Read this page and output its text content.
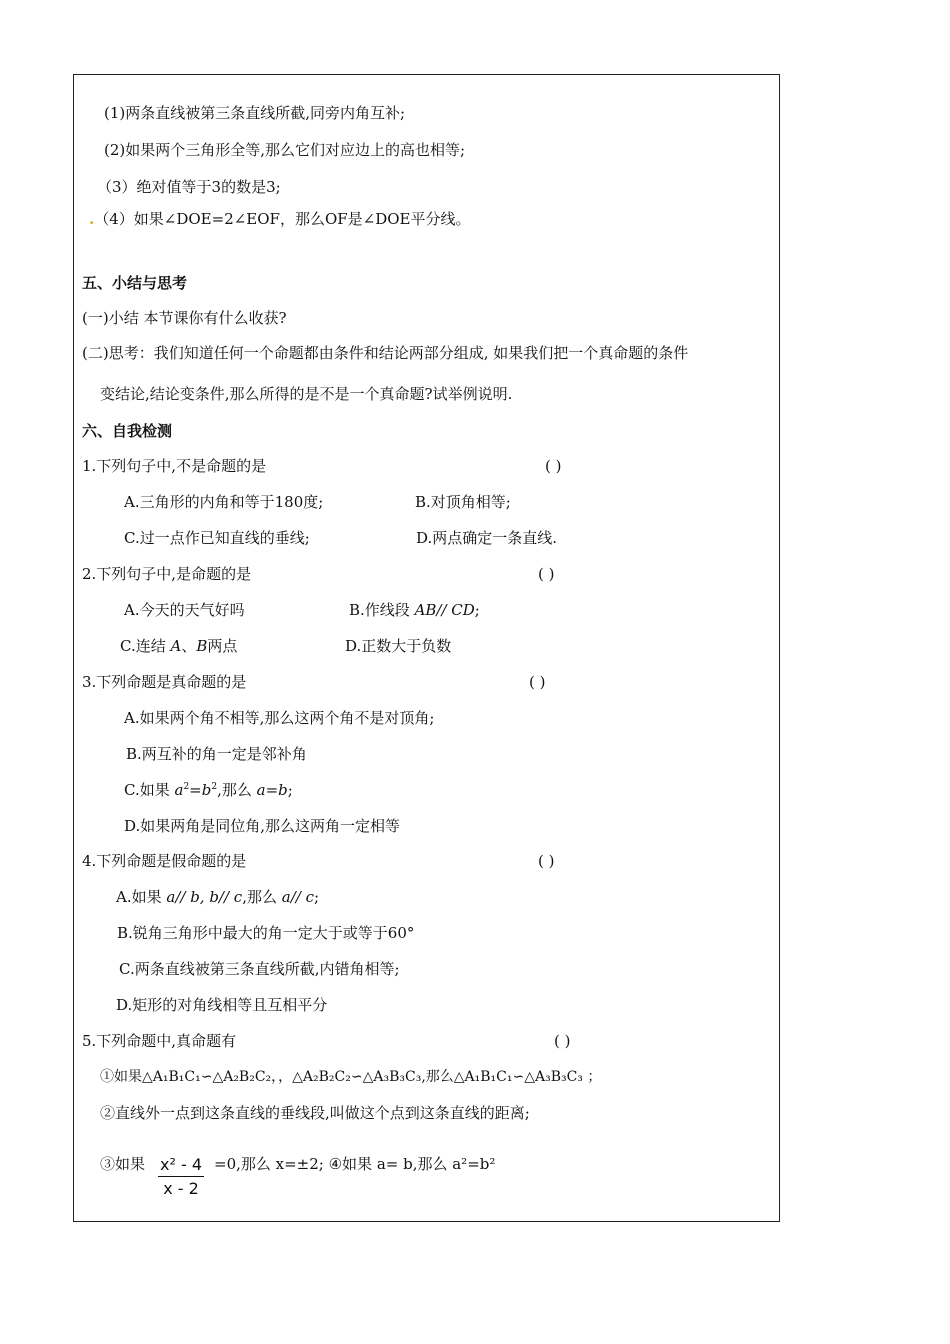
(1)两条直线被第三条直线所截,同旁内角互补;
(2)如果两个三角形全等,那么它们对应边上的高也相等;
（3）绝对值等于3的数是3;
.（4）如果∠DOE=2∠EOF，那么OF是∠DOE平分线。
五、小结与思考
(一)小结 本节课你有什么收获?
(二)思考：我们知道任何一个命题都由条件和结论两部分组成, 如果我们把一个真命题的条件
变结论,结论变条件,那么所得的是不是一个真命题?试举例说明.
六、自我检测
1.下列句子中,不是命题的是	( )
A.三角形的内角和等于180度;	B.对顶角相等;
C.过一点作已知直线的垂线;	D.两点确定一条直线.
2.下列句子中,是命题的是	( )
A.今天的天气好吗	B.作线段 AB// CD;
C.连结 A、B两点	D.正数大于负数
3.下列命题是真命题的是	( )
A.如果两个角不相等,那么这两个角不是对顶角;
B.两互补的角一定是邻补角
C.如果 $a^2=b^2$,那么 a=b;
D.如果两角是同位角,那么这两角一定相等
4.下列命题是假命题的是	( )
A.如果 a// b, b// c,那么 a// c;
B.锐角三角形中最大的角一定大于或等于60°
C.两条直线被第三条直线所截,内错角相等;
D.矩形的对角线相等且互相平分
5.下列命题中,真命题有	( )
①如果△A₁B₁C₁∽△A₂B₂C₂，，△A₂B₂C₂∽△A₃B₃C₃,那么△A₁B₁C₁∽△A₃B₃C₃ ；
②直线外一点到这条直线的垂线段,叫做这个点到这条直线的距离;
③如果 $\frac{\text{x² - 4}}{x - 2} =0$,那么 x=±2; ④如果 a= b,那么 a²=b²
